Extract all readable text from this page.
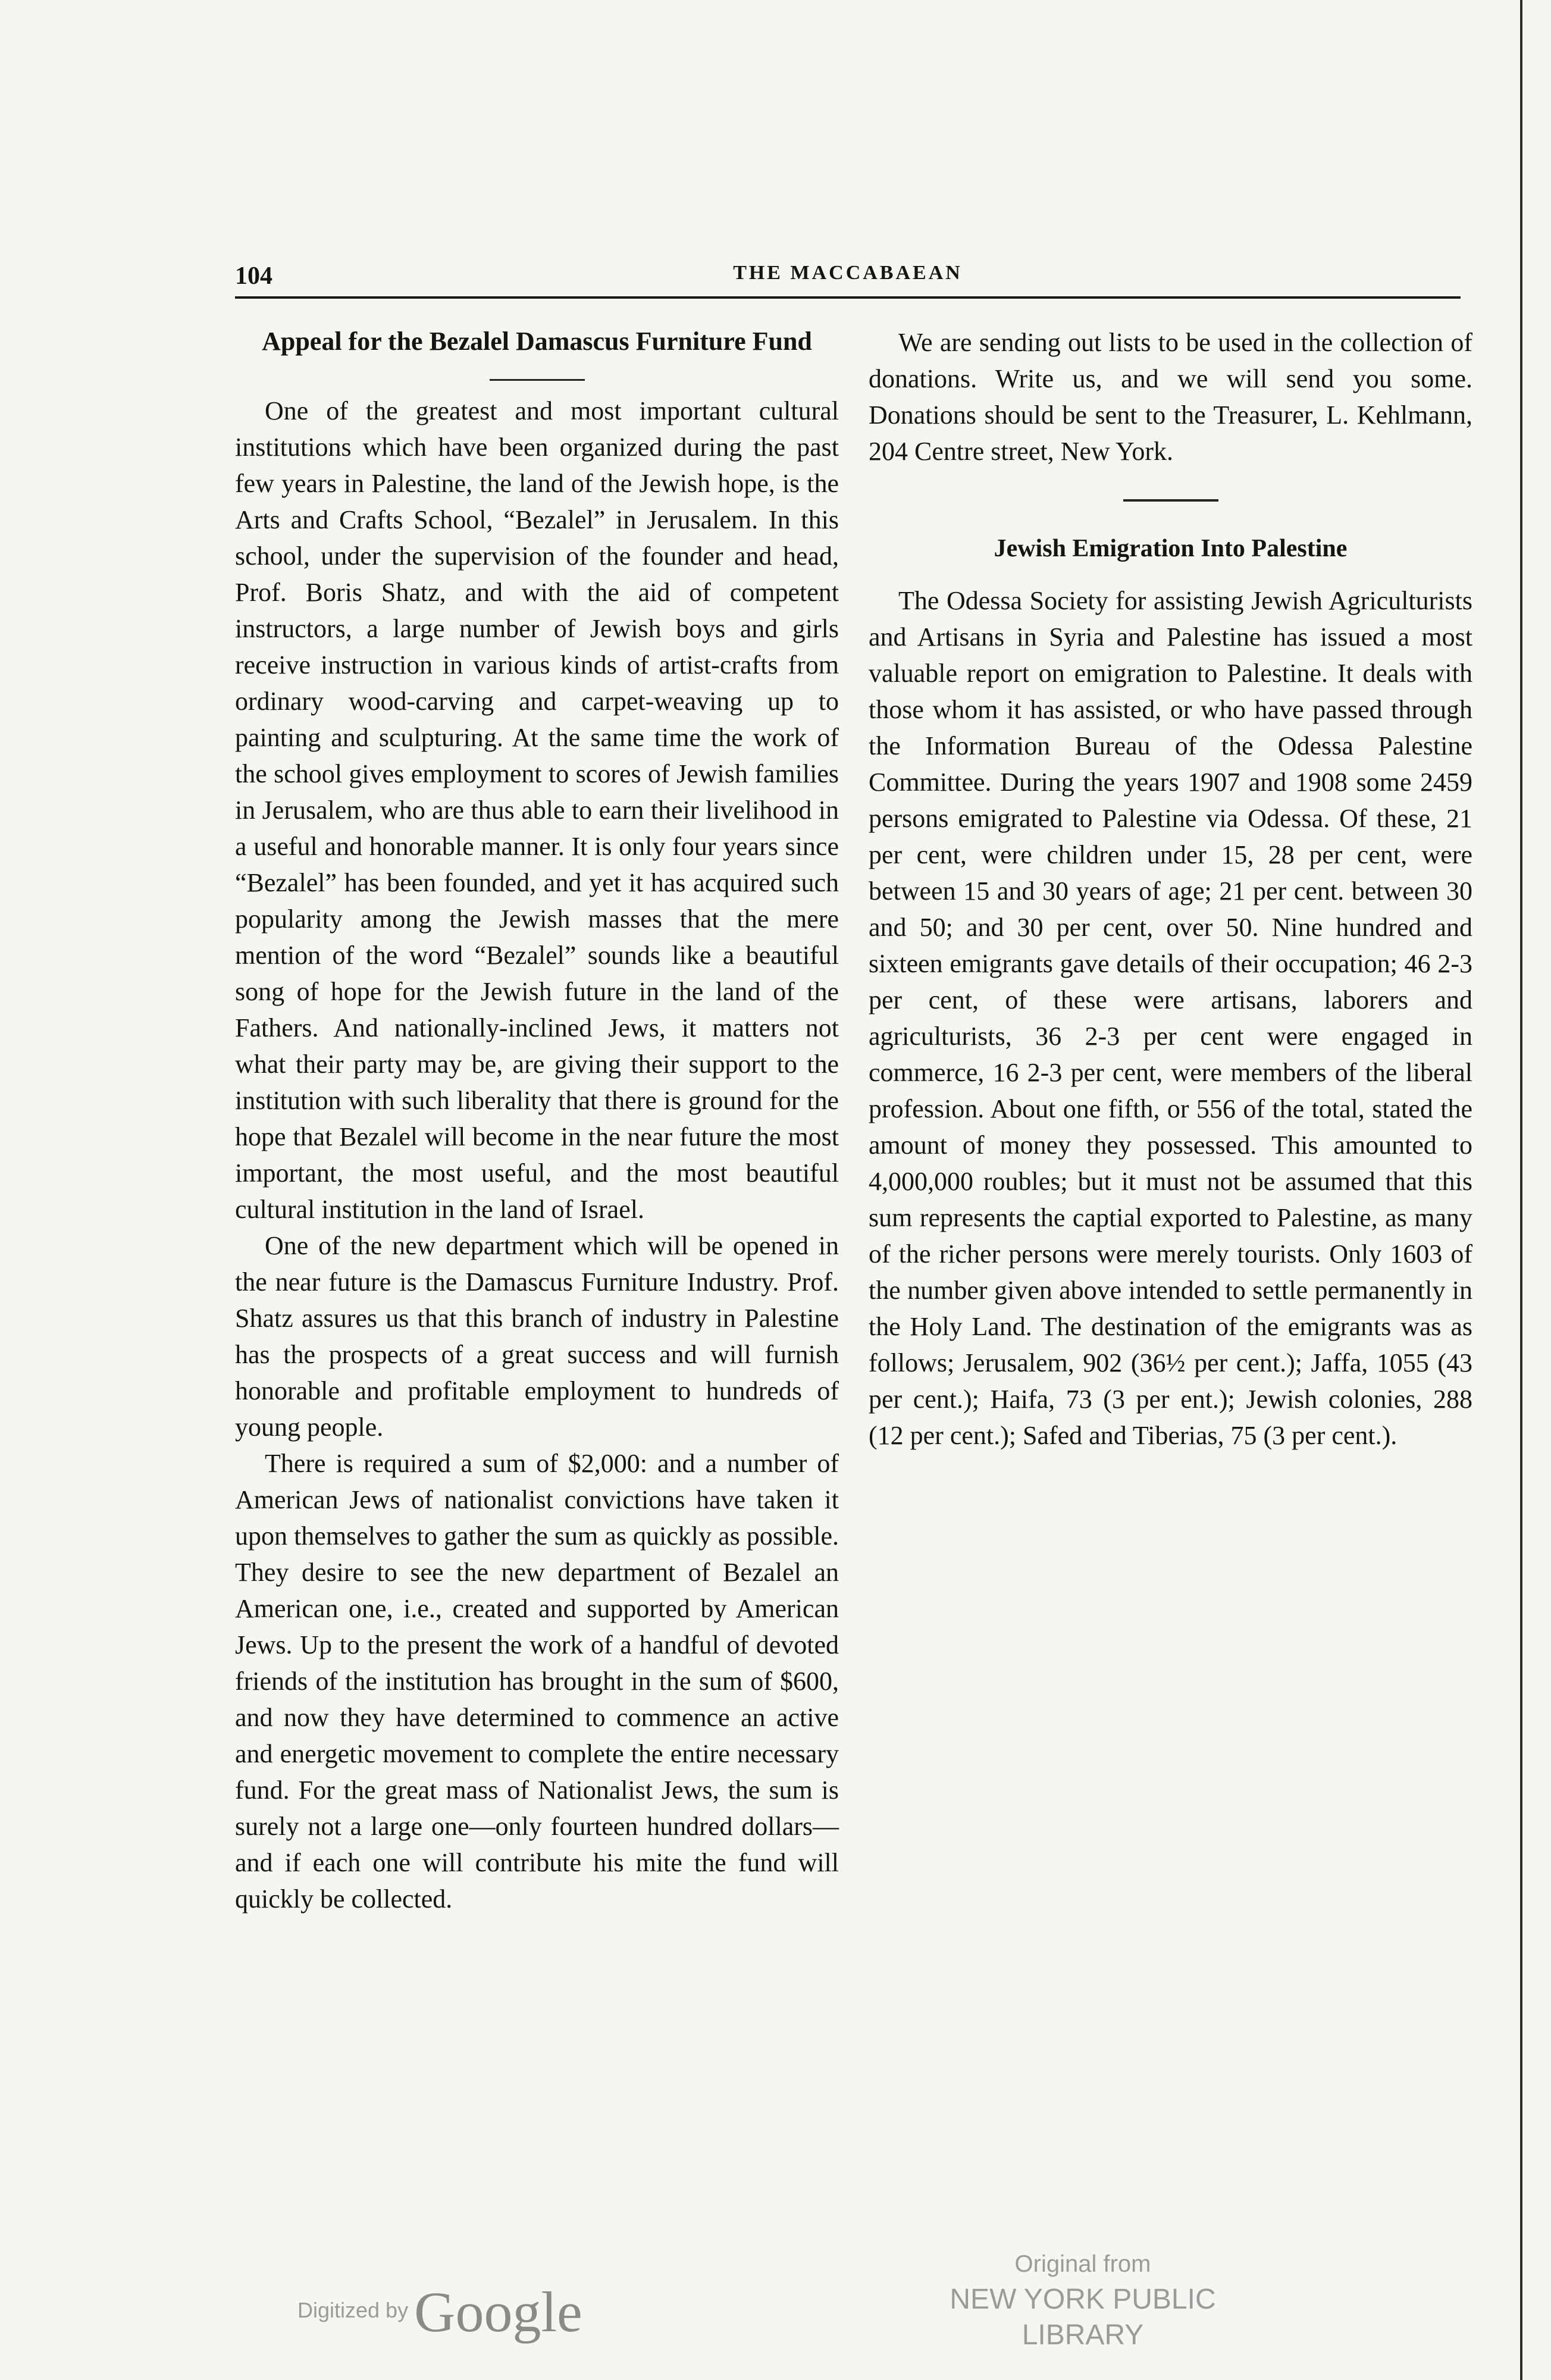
104	THE MACCABAEAN
Appeal for the Bezalel Damascus Furniture Fund

One of the greatest and most important cultural institutions which have been organized during the past few years in Palestine, the land of the Jewish hope, is the Arts and Crafts School, “Bezalel” in Jerusalem. In this school, under the supervision of the founder and head, Prof. Boris Shatz, and with the aid of competent instructors, a large number of Jewish boys and girls receive instruction in various kinds of artist-crafts from ordinary wood-carving and carpet-weaving up to painting and sculpturing. At the same time the work of the school gives employment to scores of Jewish families in Jerusalem, who are thus able to earn their livelihood in a useful and honorable manner. It is only four years since “Bezalel” has been founded, and yet it has acquired such popularity among the Jewish masses that the mere mention of the word “Bezalel” sounds like a beautiful song of hope for the Jewish future in the land of the Fathers. And nationally-inclined Jews, it matters not what their party may be, are giving their support to the institution with such liberality that there is ground for the hope that Bezalel will become in the near future the most important, the most useful, and the most beautiful cultural institution in the land of Israel.

One of the new department which will be opened in the near future is the Damascus Furniture Industry. Prof. Shatz assures us that this branch of industry in Palestine has the prospects of a great success and will furnish honorable and profitable employment to hundreds of young people.

There is required a sum of $2,000: and a number of American Jews of nationalist convictions have taken it upon themselves to gather the sum as quickly as possible. They desire to see the new department of Bezalel an American one, i.e., created and supported by American Jews. Up to the present the work of a handful of devoted friends of the institution has brought in the sum of $600, and now they have determined to commence an active and energetic movement to complete the entire necessary fund. For the great mass of Nationalist Jews, the sum is surely not a large one—only fourteen hundred dollars—and if each one will contribute his mite the fund will quickly be collected.

We are sending out lists to be used in the collection of donations. Write us, and we will send you some. Donations should be sent to the Treasurer, L. Kehlmann, 204 Centre street, New York.

Jewish Emigration Into Palestine

The Odessa Society for assisting Jewish Agriculturists and Artisans in Syria and Palestine has issued a most valuable report on emigration to Palestine. It deals with those whom it has assisted, or who have passed through the Information Bureau of the Odessa Palestine Committee. During the years 1907 and 1908 some 2459 persons emigrated to Palestine via Odessa. Of these, 21 per cent, were children under 15, 28 per cent, were between 15 and 30 years of age; 21 per cent. between 30 and 50; and 30 per cent, over 50. Nine hundred and sixteen emigrants gave details of their occupation; 46 2-3 per cent, of these were artisans, laborers and agriculturists, 36 2-3 per cent were engaged in commerce, 16 2-3 per cent, were members of the liberal profession. About one fifth, or 556 of the total, stated the amount of money they possessed. This amounted to 4,000,000 roubles; but it must not be assumed that this sum represents the captial exported to Palestine, as many of the richer persons were merely tourists. Only 1603 of the number given above intended to settle permanently in the Holy Land. The destination of the emigrants was as follows; Jerusalem, 902 (36½ per cent.); Jaffa, 1055 (43 per cent.); Haifa, 73 (3 per ent.); Jewish colonies, 288 (12 per cent.); Safed and Tiberias, 75 (3 per cent.).

Digitized by Google
Original from
NEW YORK PUBLIC LIBRARY
